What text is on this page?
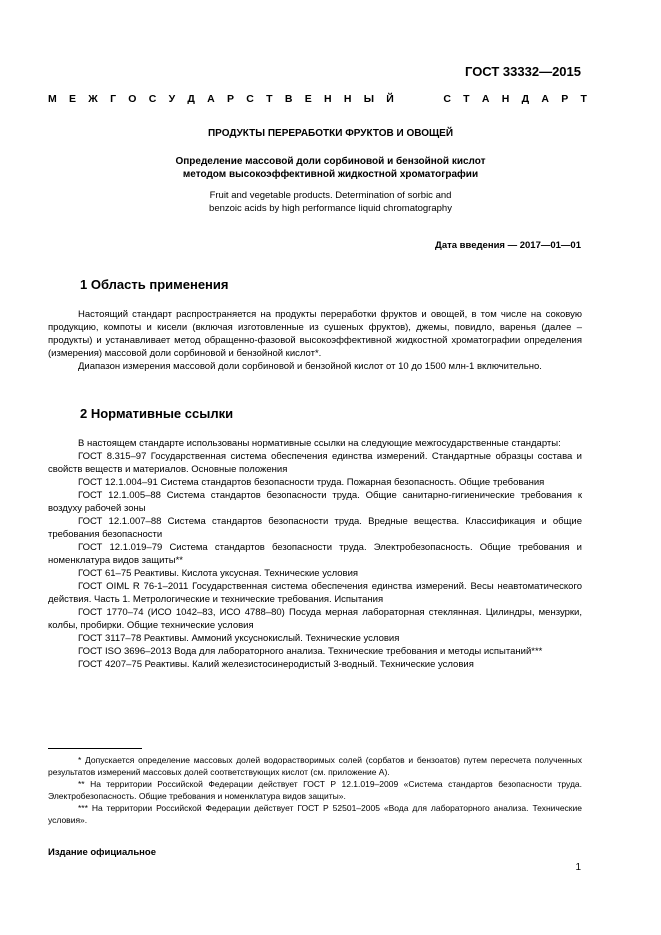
ГОСТ 33332—2015
М Е Ж Г О С У Д А Р С Т В Е Н Н Ы Й	С Т А Н Д А Р Т
ПРОДУКТЫ ПЕРЕРАБОТКИ ФРУКТОВ И ОВОЩЕЙ
Определение массовой доли сорбиновой и бензойной кислот
методом высокоэффективной жидкостной хроматографии
Fruit and vegetable products. Determination of sorbic and
benzoic acids by high performance liquid chromatography
Дата введения — 2017—01—01
1 Область применения

Настоящий стандарт распространяется на продукты переработки фруктов и овощей, в том числе на соковую продукцию, компоты и кисели (включая изготовленные из сушеных фруктов), джемы, повидло, варенья (далее – продукты) и устанавливает метод обращенно-фазовой высокоэффективной жидкостной хроматографии определения (измерения) массовой доли сорбиновой и бензойной кислот*.

Диапазон измерения массовой доли сорбиновой и бензойной кислот от 10 до 1500 млн-1 включительно.

2 Нормативные ссылки

В настоящем стандарте использованы нормативные ссылки на следующие межгосударственные стандарты:

ГОСТ 8.315–97 Государственная система обеспечения единства измерений. Стандартные образцы состава и свойств веществ и материалов. Основные положения

ГОСТ 12.1.004–91 Система стандартов безопасности труда. Пожарная безопасность. Общие требования

ГОСТ 12.1.005–88 Система стандартов безопасности труда. Общие санитарно-гигиенические требования к воздуху рабочей зоны

ГОСТ 12.1.007–88 Система стандартов безопасности труда. Вредные вещества. Классификация и общие требования безопасности

ГОСТ 12.1.019–79 Система стандартов безопасности труда. Электробезопасность. Общие требования и номенклатура видов защиты**

ГОСТ 61–75 Реактивы. Кислота уксусная. Технические условия

ГОСТ OIML R 76-1–2011 Государственная система обеспечения единства измерений. Весы неавтоматического действия. Часть 1. Метрологические и технические требования. Испытания

ГОСТ 1770–74 (ИСО 1042–83, ИСО 4788–80) Посуда мерная лабораторная стеклянная. Цилиндры, мензурки, колбы, пробирки. Общие технические условия

ГОСТ 3117–78 Реактивы. Аммоний уксуснокислый. Технические условия

ГОСТ ISO 3696–2013 Вода для лабораторного анализа. Технические требования и методы испытаний***

ГОСТ 4207–75 Реактивы. Калий железистосинеродистый 3-водный. Технические условия

* Допускается определение массовых долей водорастворимых солей (сорбатов и бензоатов) путем пересчета полученных результатов измерений массовых долей соответствующих кислот (см. приложение А).

** На территории Российской Федерации действует ГОСТ Р 12.1.019–2009 «Система стандартов безопасности труда. Электробезопасность. Общие требования и номенклатура видов защиты».

*** На территории Российской Федерации действует ГОСТ Р 52501–2005 «Вода для лабораторного анализа. Технические условия».

Издание официальное
1
